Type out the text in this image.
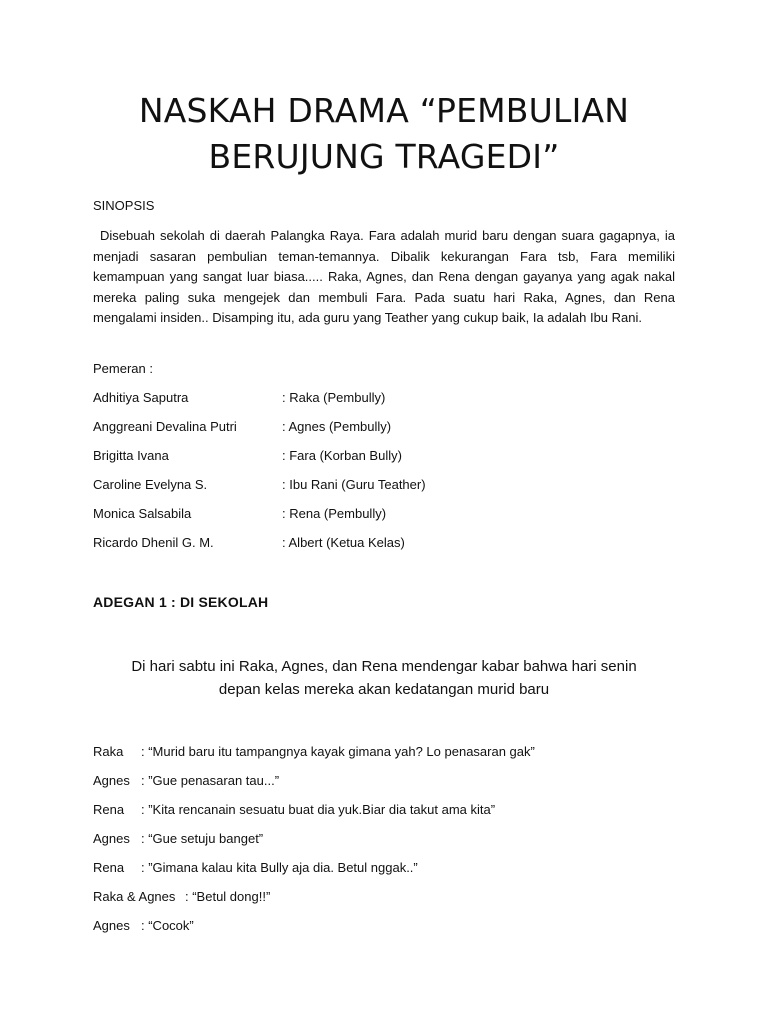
NASKAH DRAMA “PEMBULIAN
BERUJUNG TRAGEDI”
SINOPSIS

Disebuah sekolah di daerah Palangka Raya. Fara adalah murid baru dengan suara gagapnya, ia menjadi sasaran pembulian teman-temannya. Dibalik kekurangan Fara tsb, Fara memiliki kemampuan yang sangat luar biasa..... Raka, Agnes, dan Rena dengan gayanya yang agak nakal mereka paling suka mengejek dan membuli Fara. Pada suatu hari Raka, Agnes, dan Rena mengalami insiden.. Disamping itu, ada guru yang Teather yang cukup baik, Ia adalah Ibu Rani.

Pemeran :
Adhitiya Saputra	: Raka (Pembully)
Anggreani Devalina Putri	: Agnes (Pembully)
Brigitta Ivana	: Fara (Korban Bully)
Caroline Evelyna S.	: Ibu Rani (Guru Teather)
Monica Salsabila	: Rena (Pembully)
Ricardo Dhenil G. M.	: Albert (Ketua Kelas)
ADEGAN 1 : DI SEKOLAH
Di hari sabtu ini Raka, Agnes, dan Rena mendengar kabar bahwa hari senin
depan kelas mereka akan kedatangan murid baru
Raka : “Murid baru itu tampangnya kayak gimana yah? Lo penasaran gak”
Agnes : ”Gue penasaran tau...”
Rena : ”Kita rencanain sesuatu buat dia yuk.Biar dia takut ama kita”
Agnes : “Gue setuju banget”
Rena : ”Gimana kalau kita Bully aja dia. Betul nggak..”
Raka & Agnes : “Betul dong!!”
Agnes : “Cocok”
